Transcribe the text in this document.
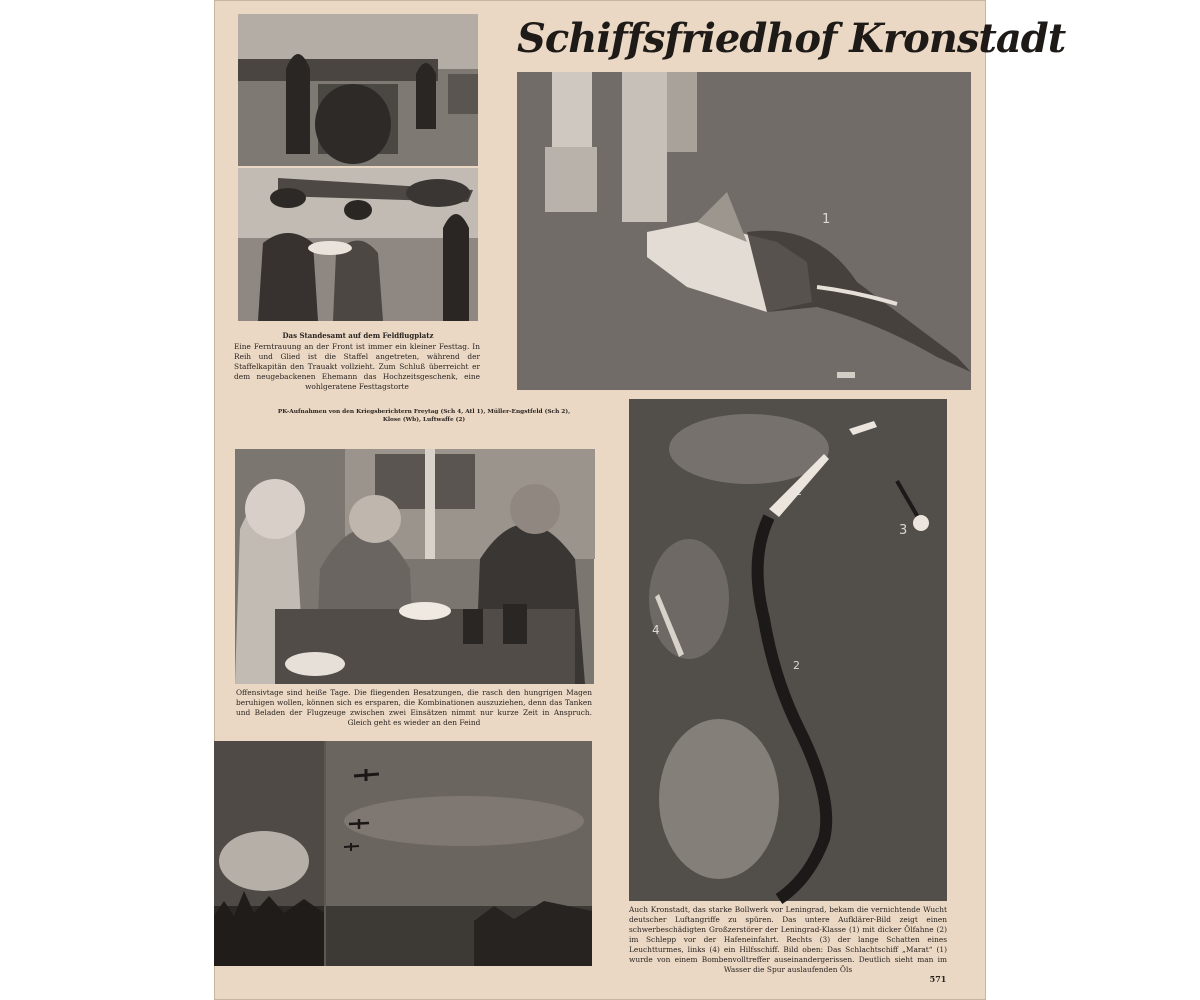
Schiffsfriedhof Kronstadt
Das Standesamt auf dem Feldflugplatz
Eine Ferntrauung an der Front ist immer ein kleiner Festtag. In Reih und Glied ist die Staffel angetreten, während der Staffelkapitän den Trauakt vollzieht. Zum Schluß überreicht er dem neugebackenen Ehemann das Hochzeitsgeschenk, eine wohlgeratene Festtagstorte
PK-Aufnahmen von den Kriegsberichtern Freytag (Sch 4, Atl 1), Müller-Engstfeld (Sch 2), Klose (Wb), Luftwaffe (2)
1
Offensivtage sind heiße Tage. Die fliegenden Besatzungen, die rasch den hungrigen Magen beruhigen wollen, können sich es ersparen, die Kombinationen auszuziehen, denn das Tanken und Beladen der Flugzeuge zwischen zwei Einsätzen nimmt nur kurze Zeit in Anspruch. Gleich geht es wieder an den Feind
1
3
4
2
Auch Kronstadt, das starke Bollwerk vor Leningrad, bekam die vernichtende Wucht deutscher Luftangriffe zu spüren. Das untere Aufklärer-Bild zeigt einen schwerbeschädigten Großzerstörer der Leningrad-Klasse (1) mit dicker Ölfahne (2) im Schlepp vor der Hafeneinfahrt. Rechts (3) der lange Schatten eines Leuchtturmes, links (4) ein Hilfsschiff. Bild oben: Das Schlachtschiff „Marat“ (1) wurde von einem Bombenvolltreffer auseinandergerissen. Deutlich sieht man im Wasser die Spur auslaufenden Öls
571
